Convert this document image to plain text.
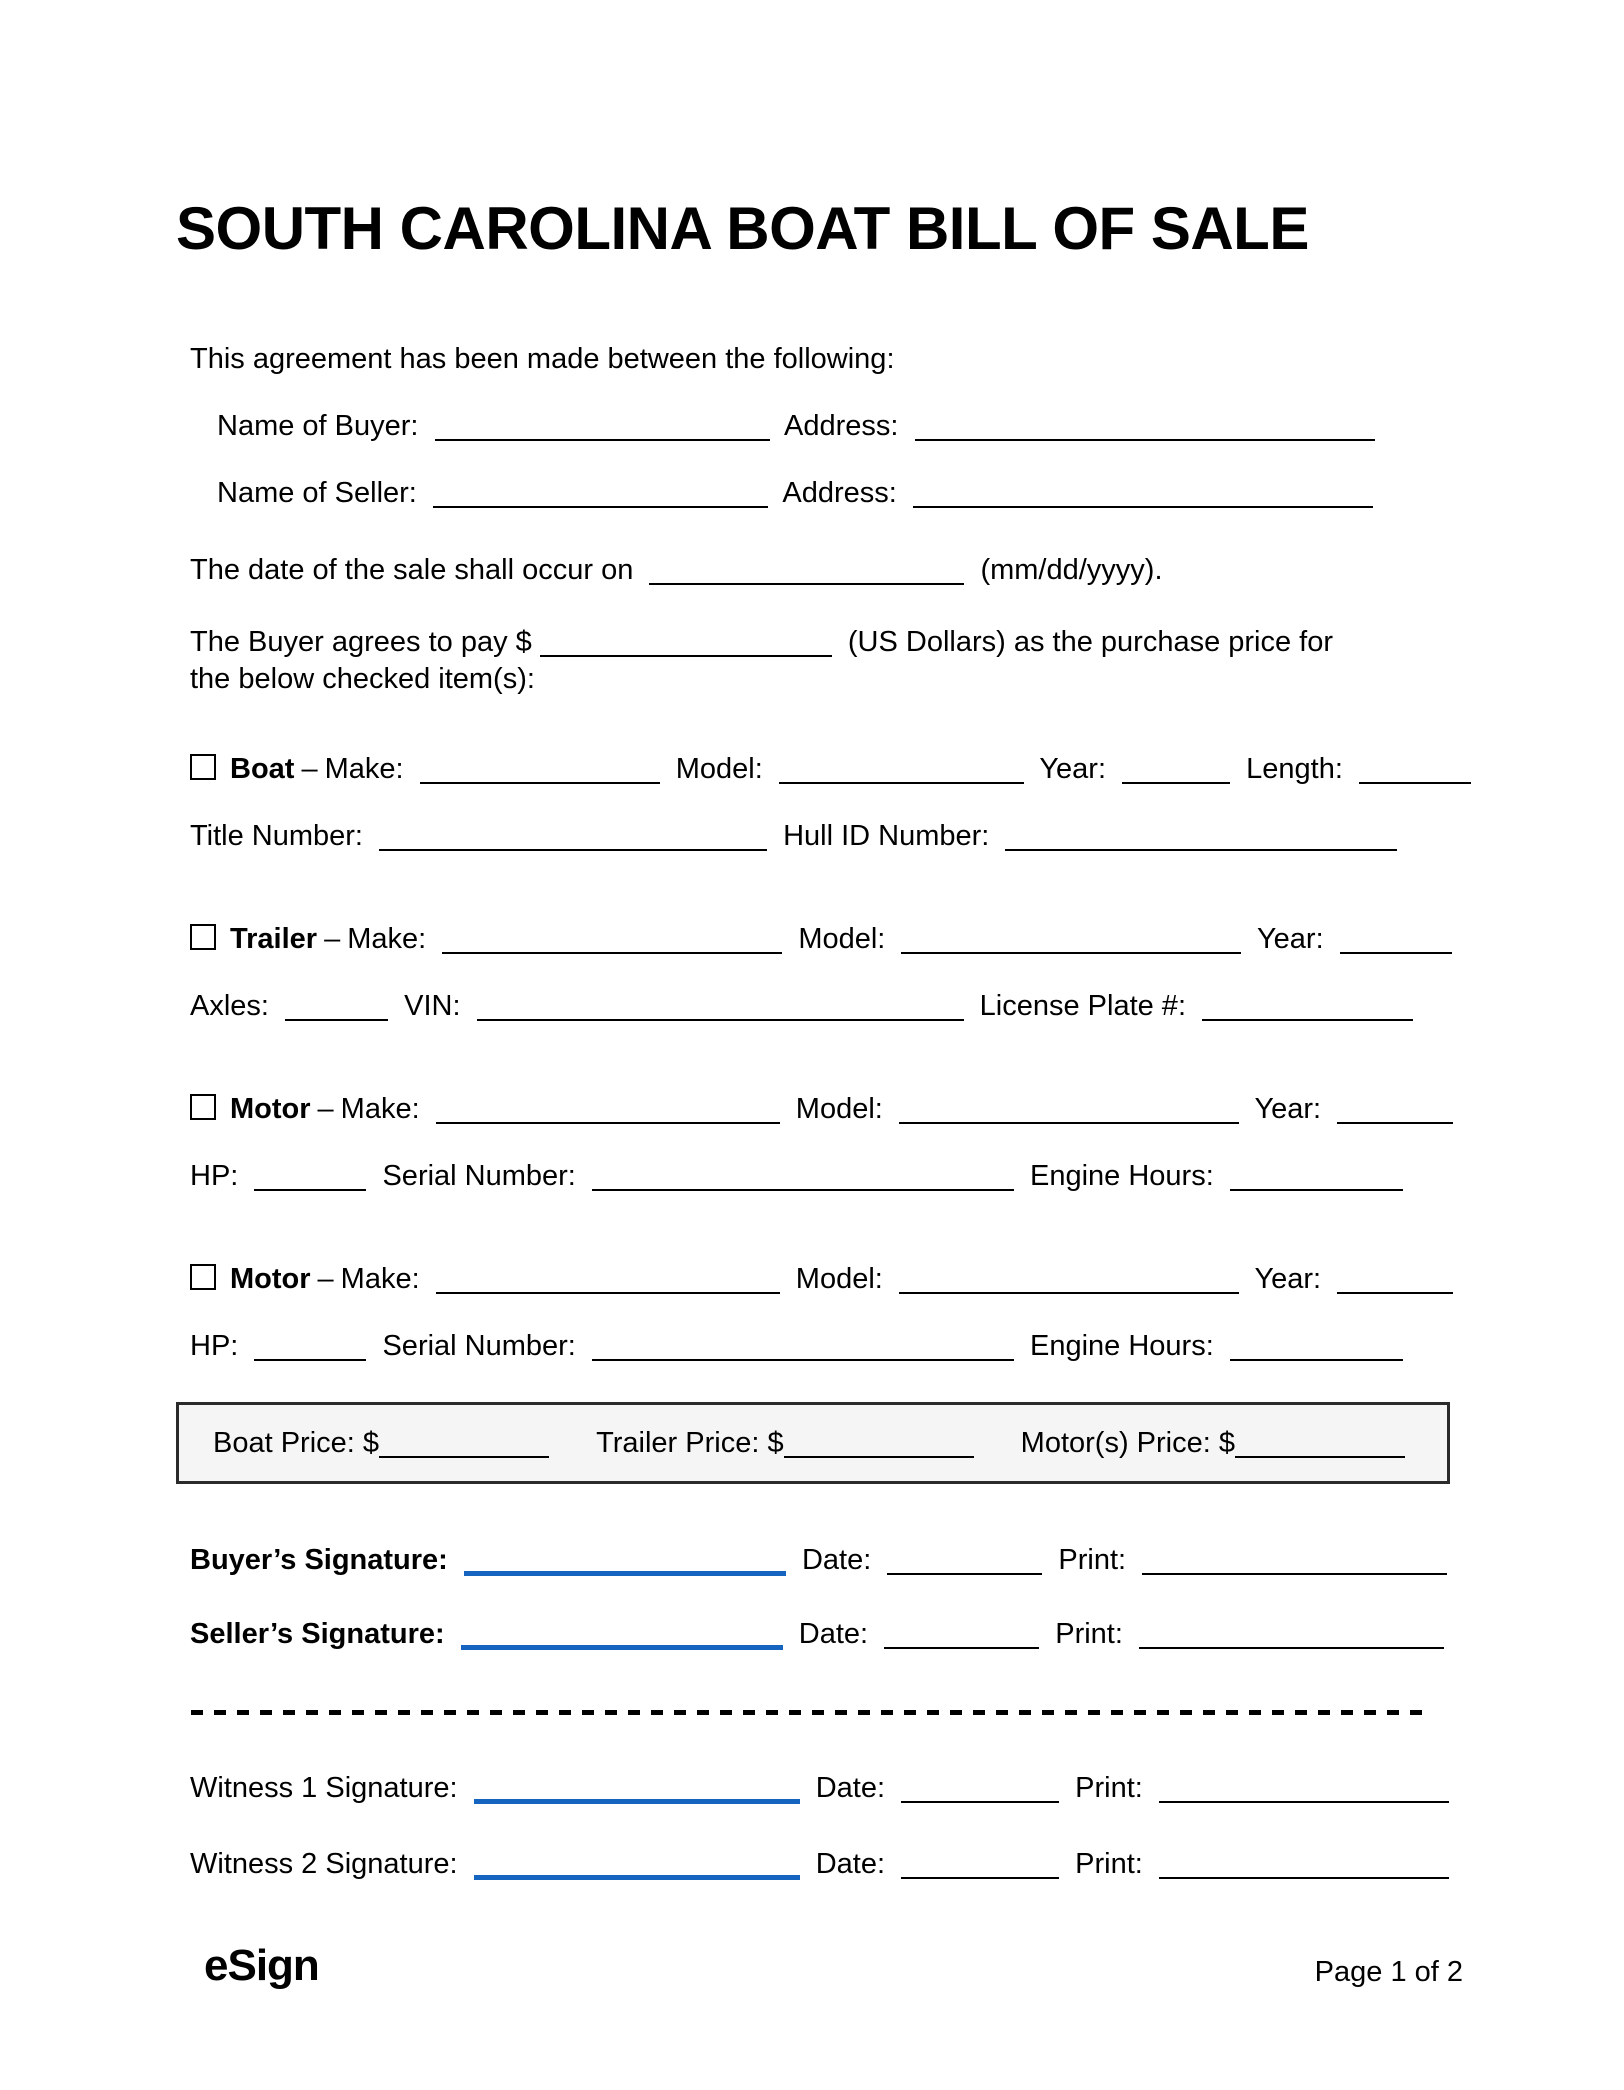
SOUTH CAROLINA BOAT BILL OF SALE
This agreement has been made between the following:
Name of Buyer:	Address:
Name of Seller:	Address:
The date of the sale shall occur on	(mm/dd/yyyy).
The Buyer agrees to pay $	(US Dollars) as the purchase price for
the below checked item(s):
Boat – Make:	Model:	Year:	Length:
Title Number:	Hull ID Number:
Trailer – Make:	Model:	Year:
Axles:	VIN:	License Plate #:
Motor – Make:	Model:	Year:
HP:	Serial Number:	Engine Hours:
Motor – Make:	Model:	Year:
HP:	Serial Number:	Engine Hours:
Boat Price: $	Trailer Price: $	Motor(s) Price: $
Buyer’s Signature:	Date:	Print:
Seller’s Signature:	Date:	Print:
Witness 1 Signature:	Date:	Print:
Witness 2 Signature:	Date:	Print:
eSign	Page 1 of 2
